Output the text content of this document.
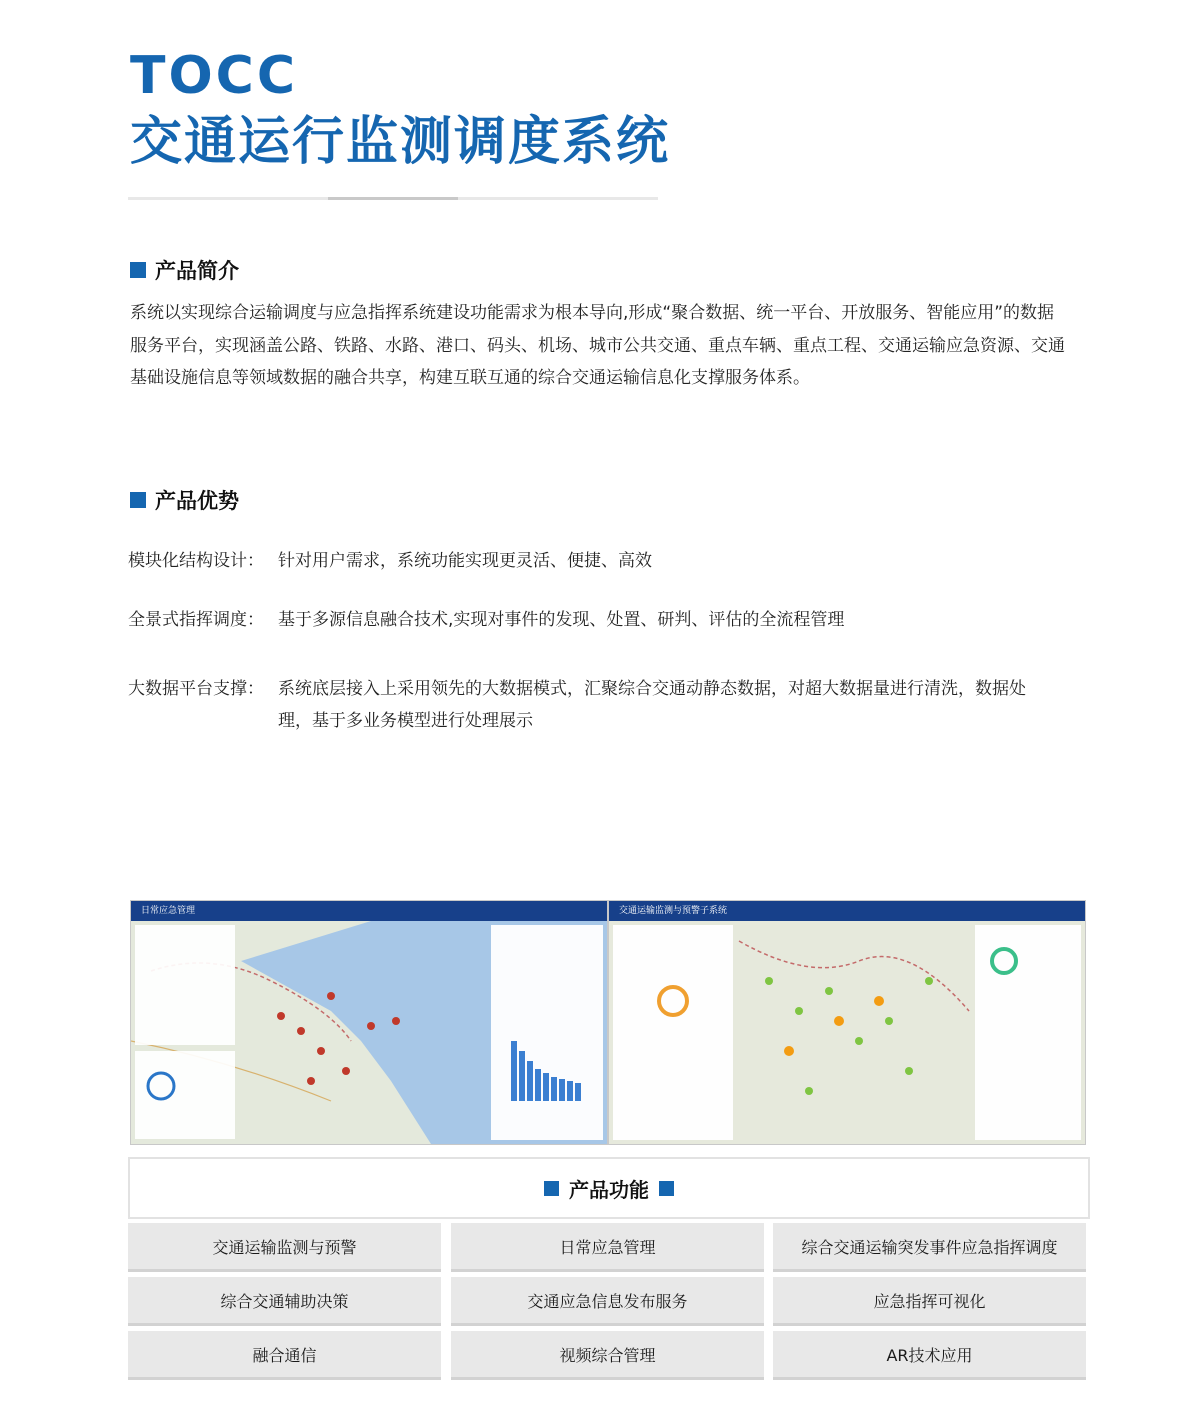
TOCC
交通运行监测调度系统
产品简介

系统以实现综合运输调度与应急指挥系统建设功能需求为根本导向,形成“聚合数据、统一平台、开放服务、智能应用”的数据服务平台，实现涵盖公路、铁路、水路、港口、码头、机场、城市公共交通、重点车辆、重点工程、交通运输应急资源、交通基础设施信息等领域数据的融合共享，构建互联互通的综合交通运输信息化支撑服务体系。

产品优势
模块化结构设计： 针对用户需求，系统功能实现更灵活、便捷、高效
全景式指挥调度： 基于多源信息融合技术,实现对事件的发现、处置、研判、评估的全流程管理
大数据平台支撑： 系统底层接入上采用领先的大数据模式，汇聚综合交通动静态数据，对超大数据量进行清洗，数据处理，基于多业务模型进行处理展示
日常应急管理	交通运输监测与预警子系统
产品功能
交通运输监测与预警	日常应急管理	综合交通运输突发事件应急指挥调度
综合交通辅助决策	交通应急信息发布服务	应急指挥可视化
融合通信	视频综合管理	AR技术应用
